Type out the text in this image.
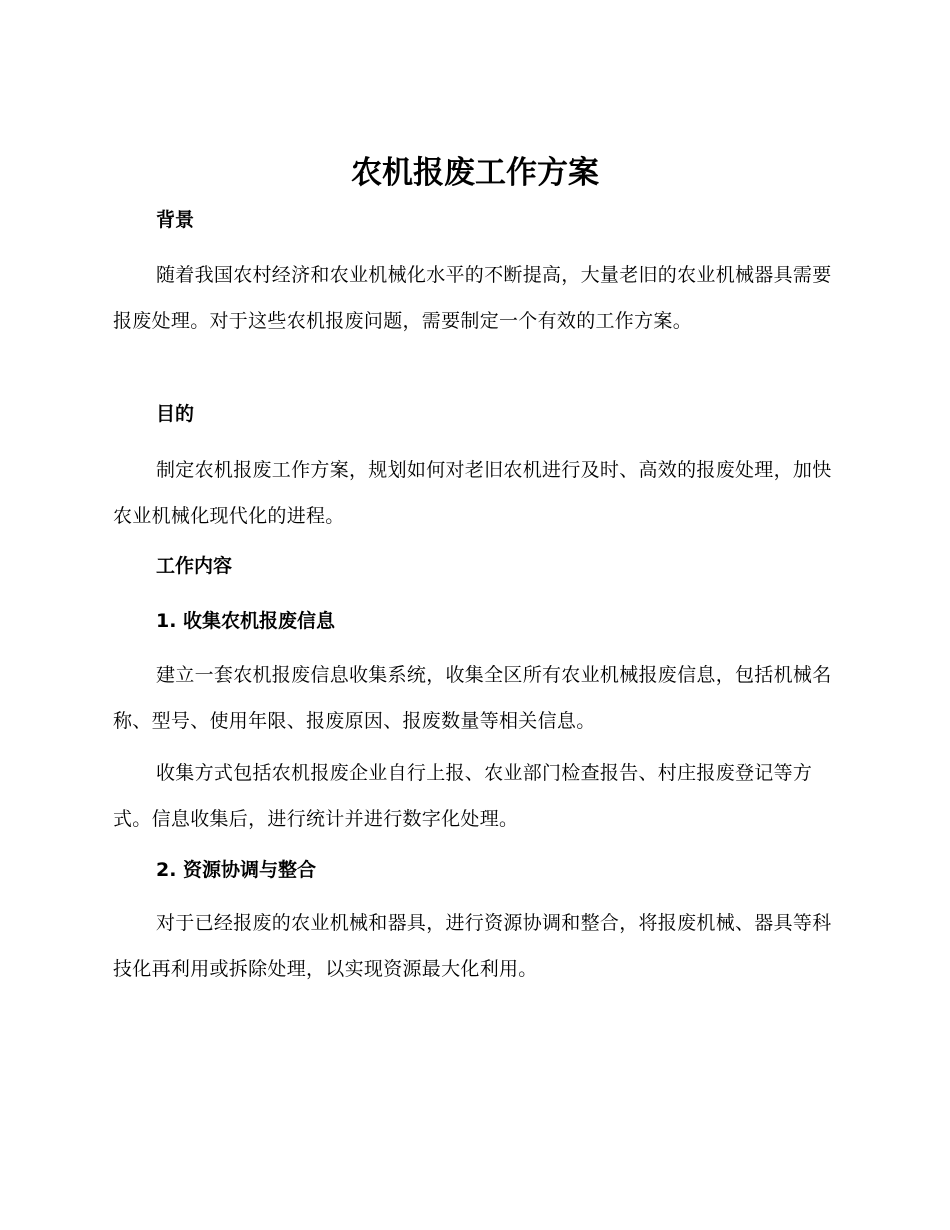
农机报废工作方案
背景

随着我国农村经济和农业机械化水平的不断提高，大量老旧的农业机械器具需要报废处理。对于这些农机报废问题，需要制定一个有效的工作方案。

目的

制定农机报废工作方案，规划如何对老旧农机进行及时、高效的报废处理，加快农业机械化现代化的进程。

工作内容
1. 收集农机报废信息

建立一套农机报废信息收集系统，收集全区所有农业机械报废信息，包括机械名称、型号、使用年限、报废原因、报废数量等相关信息。

收集方式包括农机报废企业自行上报、农业部门检查报告、村庄报废登记等方式。信息收集后，进行统计并进行数字化处理。

2. 资源协调与整合

对于已经报废的农业机械和器具，进行资源协调和整合，将报废机械、器具等科技化再利用或拆除处理，以实现资源最大化利用。
